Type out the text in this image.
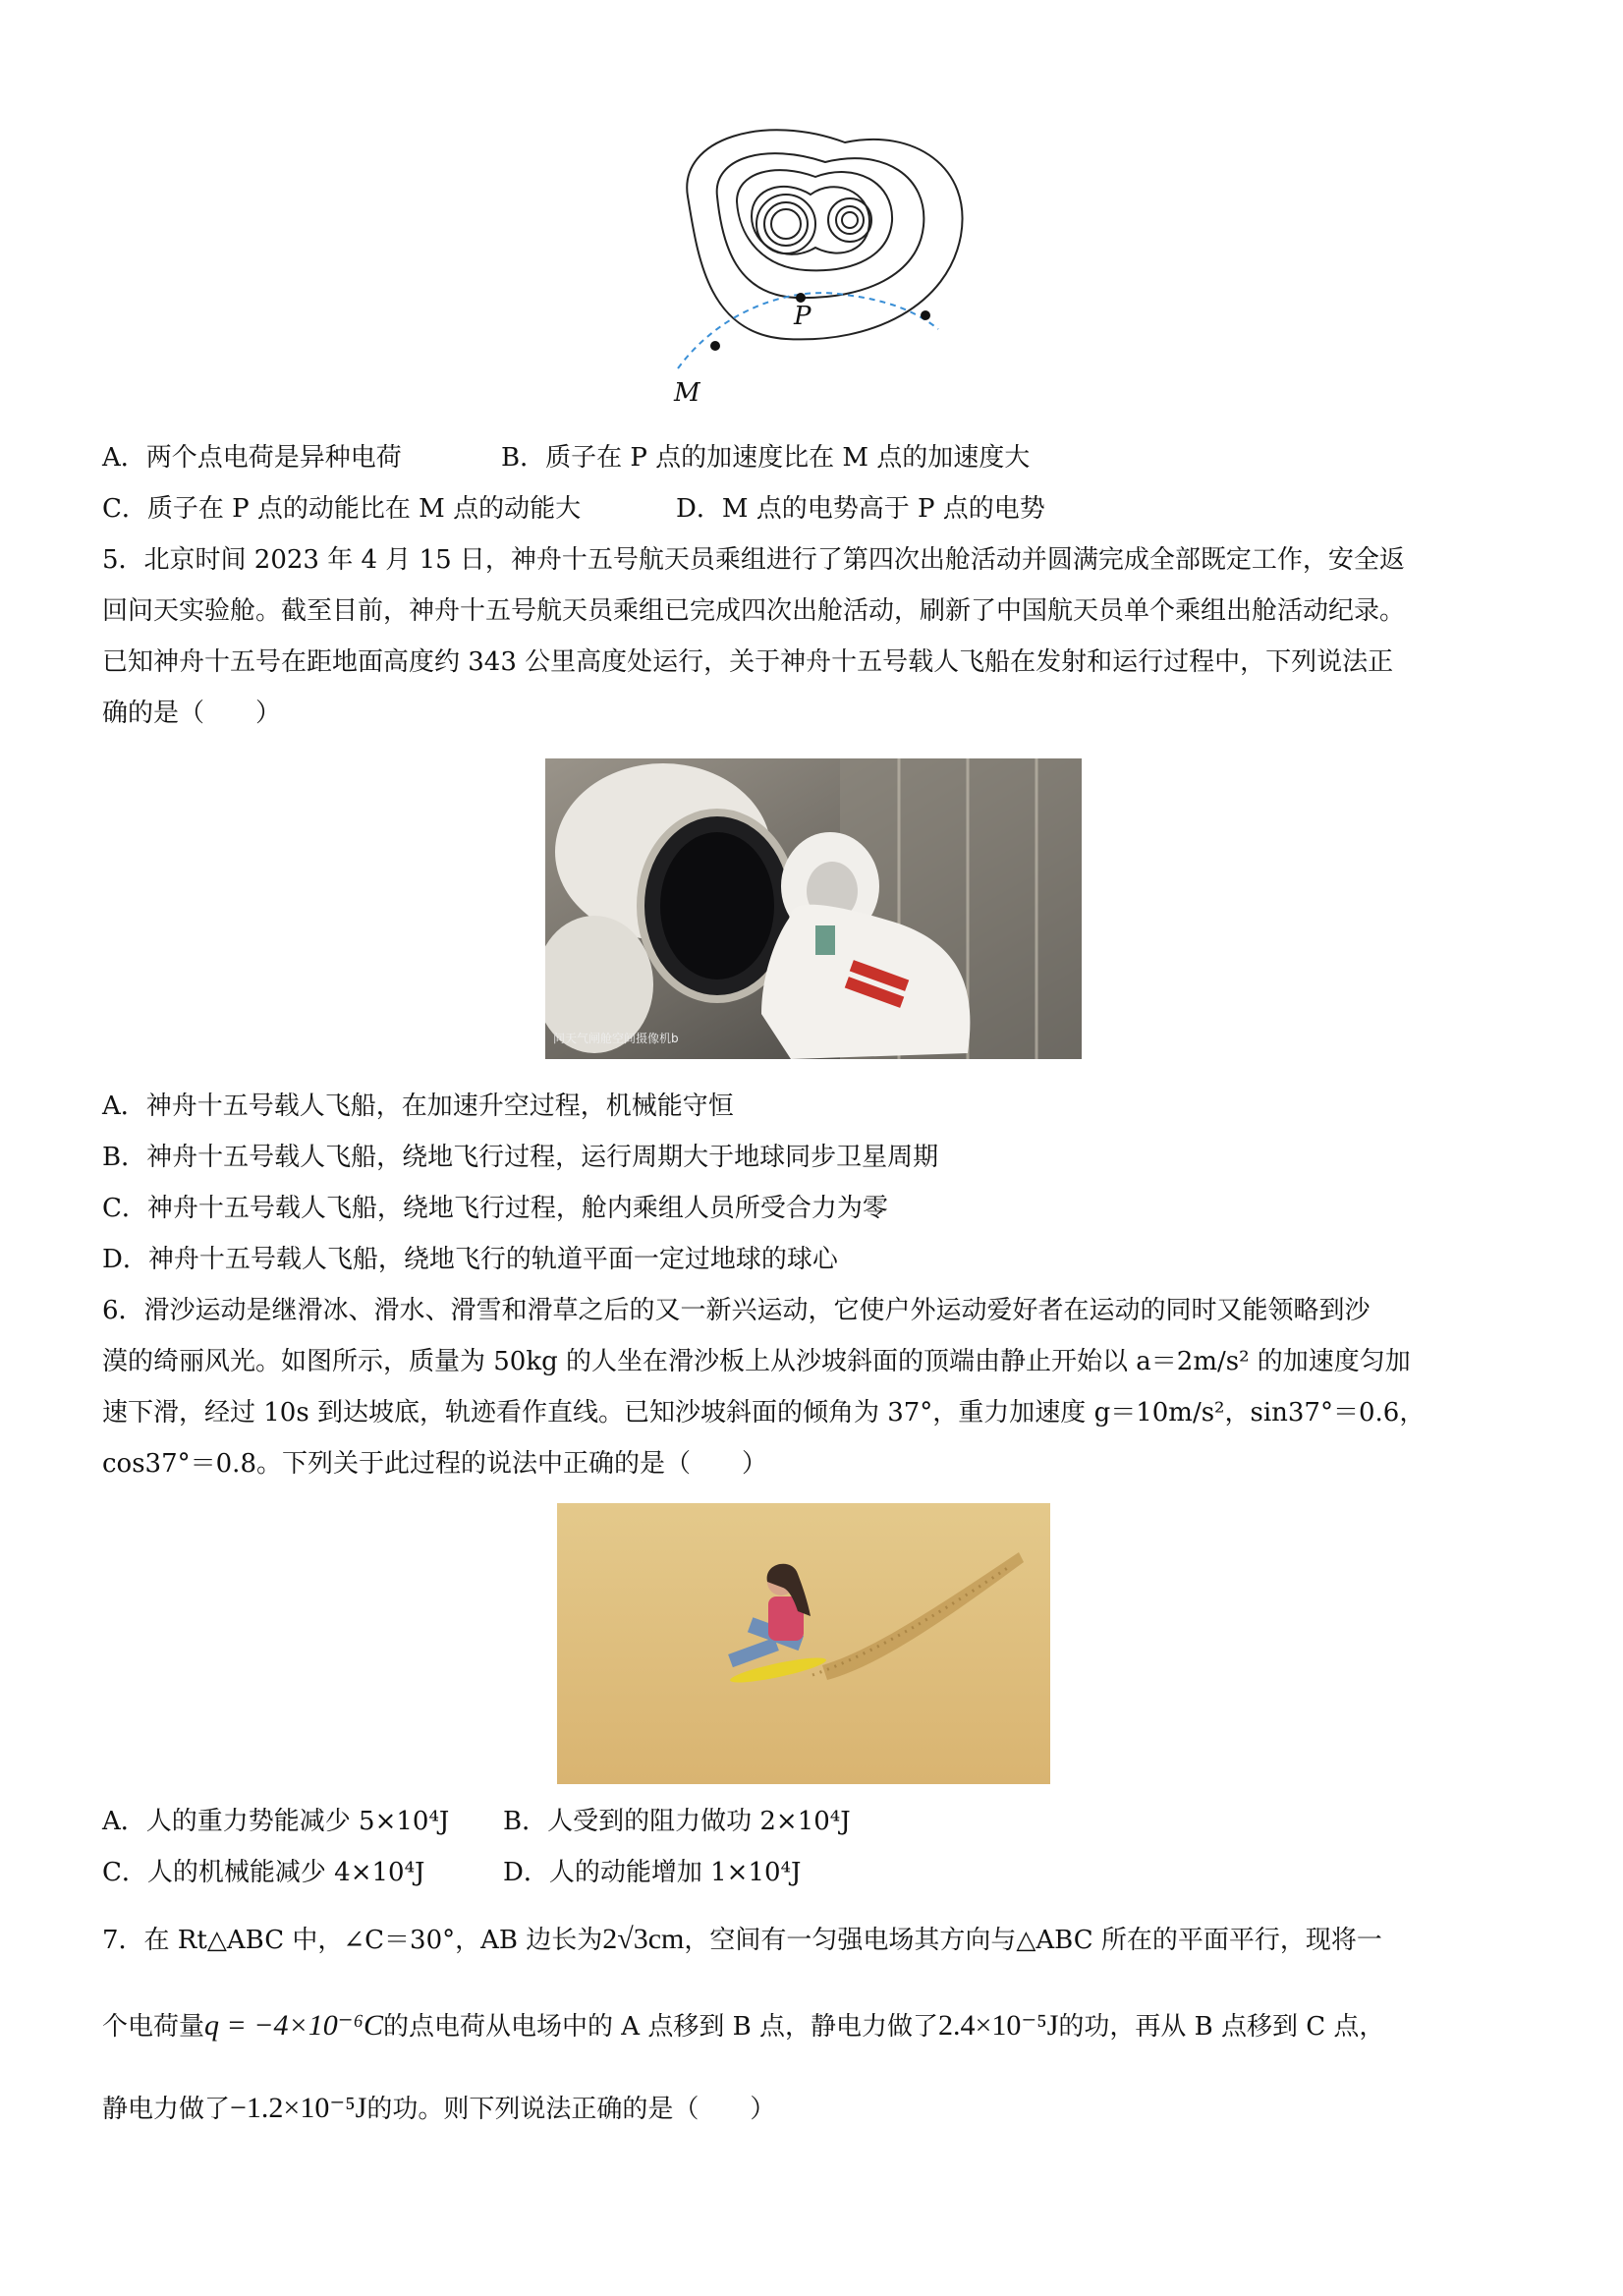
P
M
A．两个点电荷是异种电荷	B．质子在 P 点的加速度比在 M 点的加速度大
C．质子在 P 点的动能比在 M 点的动能大	D．M 点的电势高于 P 点的电势
5．北京时间 2023 年 4 月 15 日，神舟十五号航天员乘组进行了第四次出舱活动并圆满完成全部既定工作，安全返
回问天实验舱。截至目前，神舟十五号航天员乘组已完成四次出舱活动，刷新了中国航天员单个乘组出舱活动纪录。
已知神舟十五号在距地面高度约 343 公里高度处运行，关于神舟十五号载人飞船在发射和运行过程中，下列说法正
确的是（　　）
问天气闸舱空间摄像机b
A．神舟十五号载人飞船，在加速升空过程，机械能守恒
B．神舟十五号载人飞船，绕地飞行过程，运行周期大于地球同步卫星周期
C．神舟十五号载人飞船，绕地飞行过程，舱内乘组人员所受合力为零
D．神舟十五号载人飞船，绕地飞行的轨道平面一定过地球的球心
6．滑沙运动是继滑冰、滑水、滑雪和滑草之后的又一新兴运动，它使户外运动爱好者在运动的同时又能领略到沙
漠的绮丽风光。如图所示，质量为 50kg 的人坐在滑沙板上从沙坡斜面的顶端由静止开始以 a＝2m/s² 的加速度匀加
速下滑，经过 10s 到达坡底，轨迹看作直线。已知沙坡斜面的倾角为 37°，重力加速度 g＝10m/s²，sin37°＝0.6，
cos37°＝0.8。下列关于此过程的说法中正确的是（　　）
A．人的重力势能减少 5×10⁴J B．人受到的阻力做功 2×10⁴J
C．人的机械能减少 4×10⁴J	D．人的动能增加 1×10⁴J
7．在 Rt△ABC 中，∠C＝30°，AB 边长为2√3cm，空间有一匀强电场其方向与△ABC 所在的平面平行，现将一
个电荷量q = −4×10⁻⁶C的点电荷从电场中的 A 点移到 B 点，静电力做了2.4×10⁻⁵J的功，再从 B 点移到 C 点，
静电力做了−1.2×10⁻⁵J的功。则下列说法正确的是（　　）
